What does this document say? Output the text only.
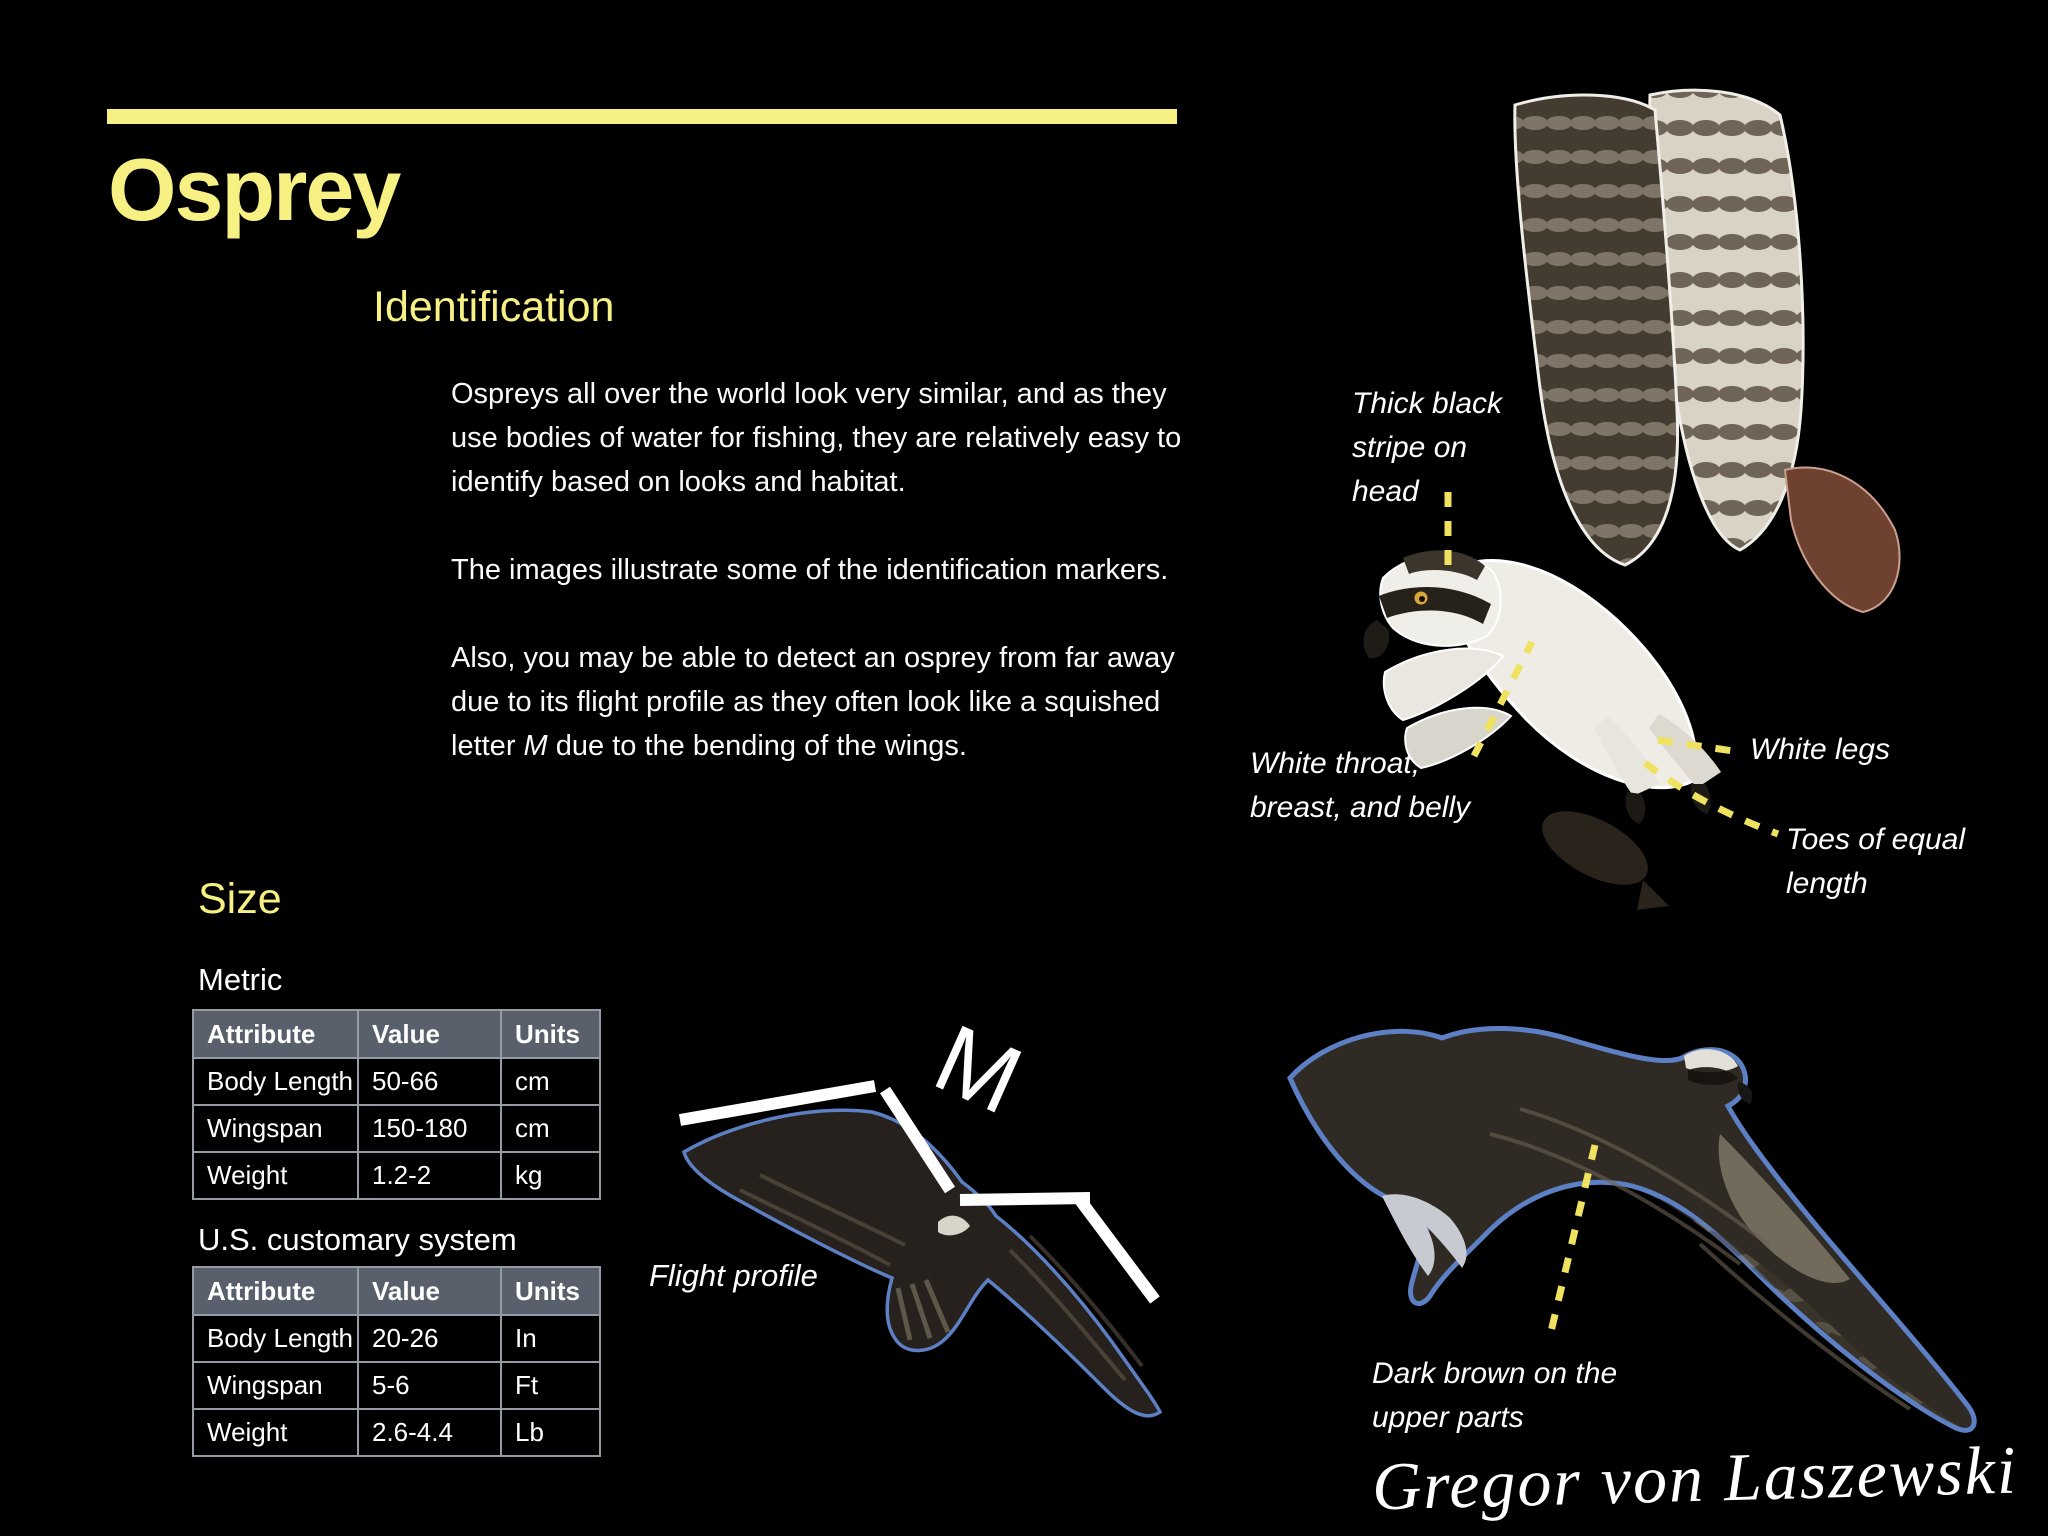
Osprey
Identification

Ospreys all over the world look very similar, and as they use bodies of water for fishing, they are relatively easy to identify based on looks and habitat.

The images illustrate some of the identification markers.

Also, you may be able to detect an osprey from far away due to its flight profile as they often look like a squished letter M due to the bending of the wings.

Size
Metric
Attribute	Value	Units
Body Length	50-66	cm
Wingspan	150-180	cm
Weight	1.2-2	kg
U.S. customary system
Attribute	Value	Units
Body Length	20-26	In
Wingspan	5-6	Ft
Weight	2.6-4.4	Lb
Flight profile
M
Thick black
stripe on
head
White throat,
breast, and belly
White legs
Toes of equal
length
Dark brown on the
upper parts
Gregor von Laszewski
